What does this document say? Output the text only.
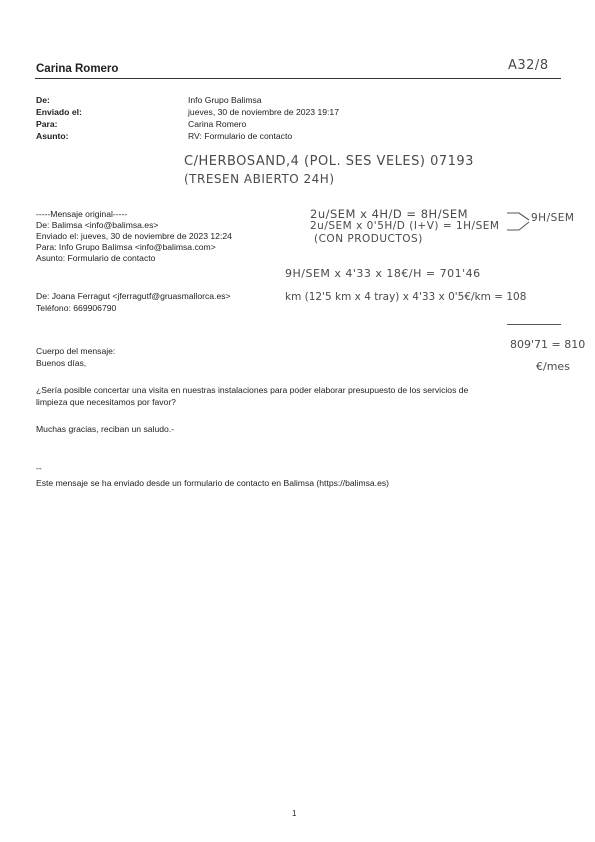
Carina Romero	A32/8
De:	Info Grupo Balimsa
Enviado el:	jueves, 30 de noviembre de 2023 19:17
Para:	Carina Romero
Asunto:	RV: Formulario de contacto
C/HERBOSAND,4 (POL. SES VELES) 07193
(TRESEN ABIERTO 24H)
-----Mensaje original-----
De: Balimsa <info@balimsa.es>
Enviado el: jueves, 30 de noviembre de 2023 12:24
Para: Info Grupo Balimsa <info@balimsa.com>
Asunto: Formulario de contacto
2u/SEM x 4H/D = 8H/SEM
2u/SEM x 0'5H/D (I+V) = 1H/SEM
(CON PRODUCTOS)
9H/SEM
9H/SEM x 4'33 x 18€/H = 701'46
De: Joana Ferragut <jferragutf@gruasmallorca.es>
Teléfono: 669906790
km (12'5 km x 4 tray) x 4'33 x 0'5€/km = 108
809'71 = 810
€/mes
Cuerpo del mensaje:
Buenos días,
¿Sería posible concertar una visita en nuestras instalaciones para poder elaborar presupuesto de los servicios de
limpieza que necesitamos por favor?
Muchas gracias, reciban un saludo.-
--
Este mensaje se ha enviado desde un formulario de contacto en Balimsa (https://balimsa.es)
1
